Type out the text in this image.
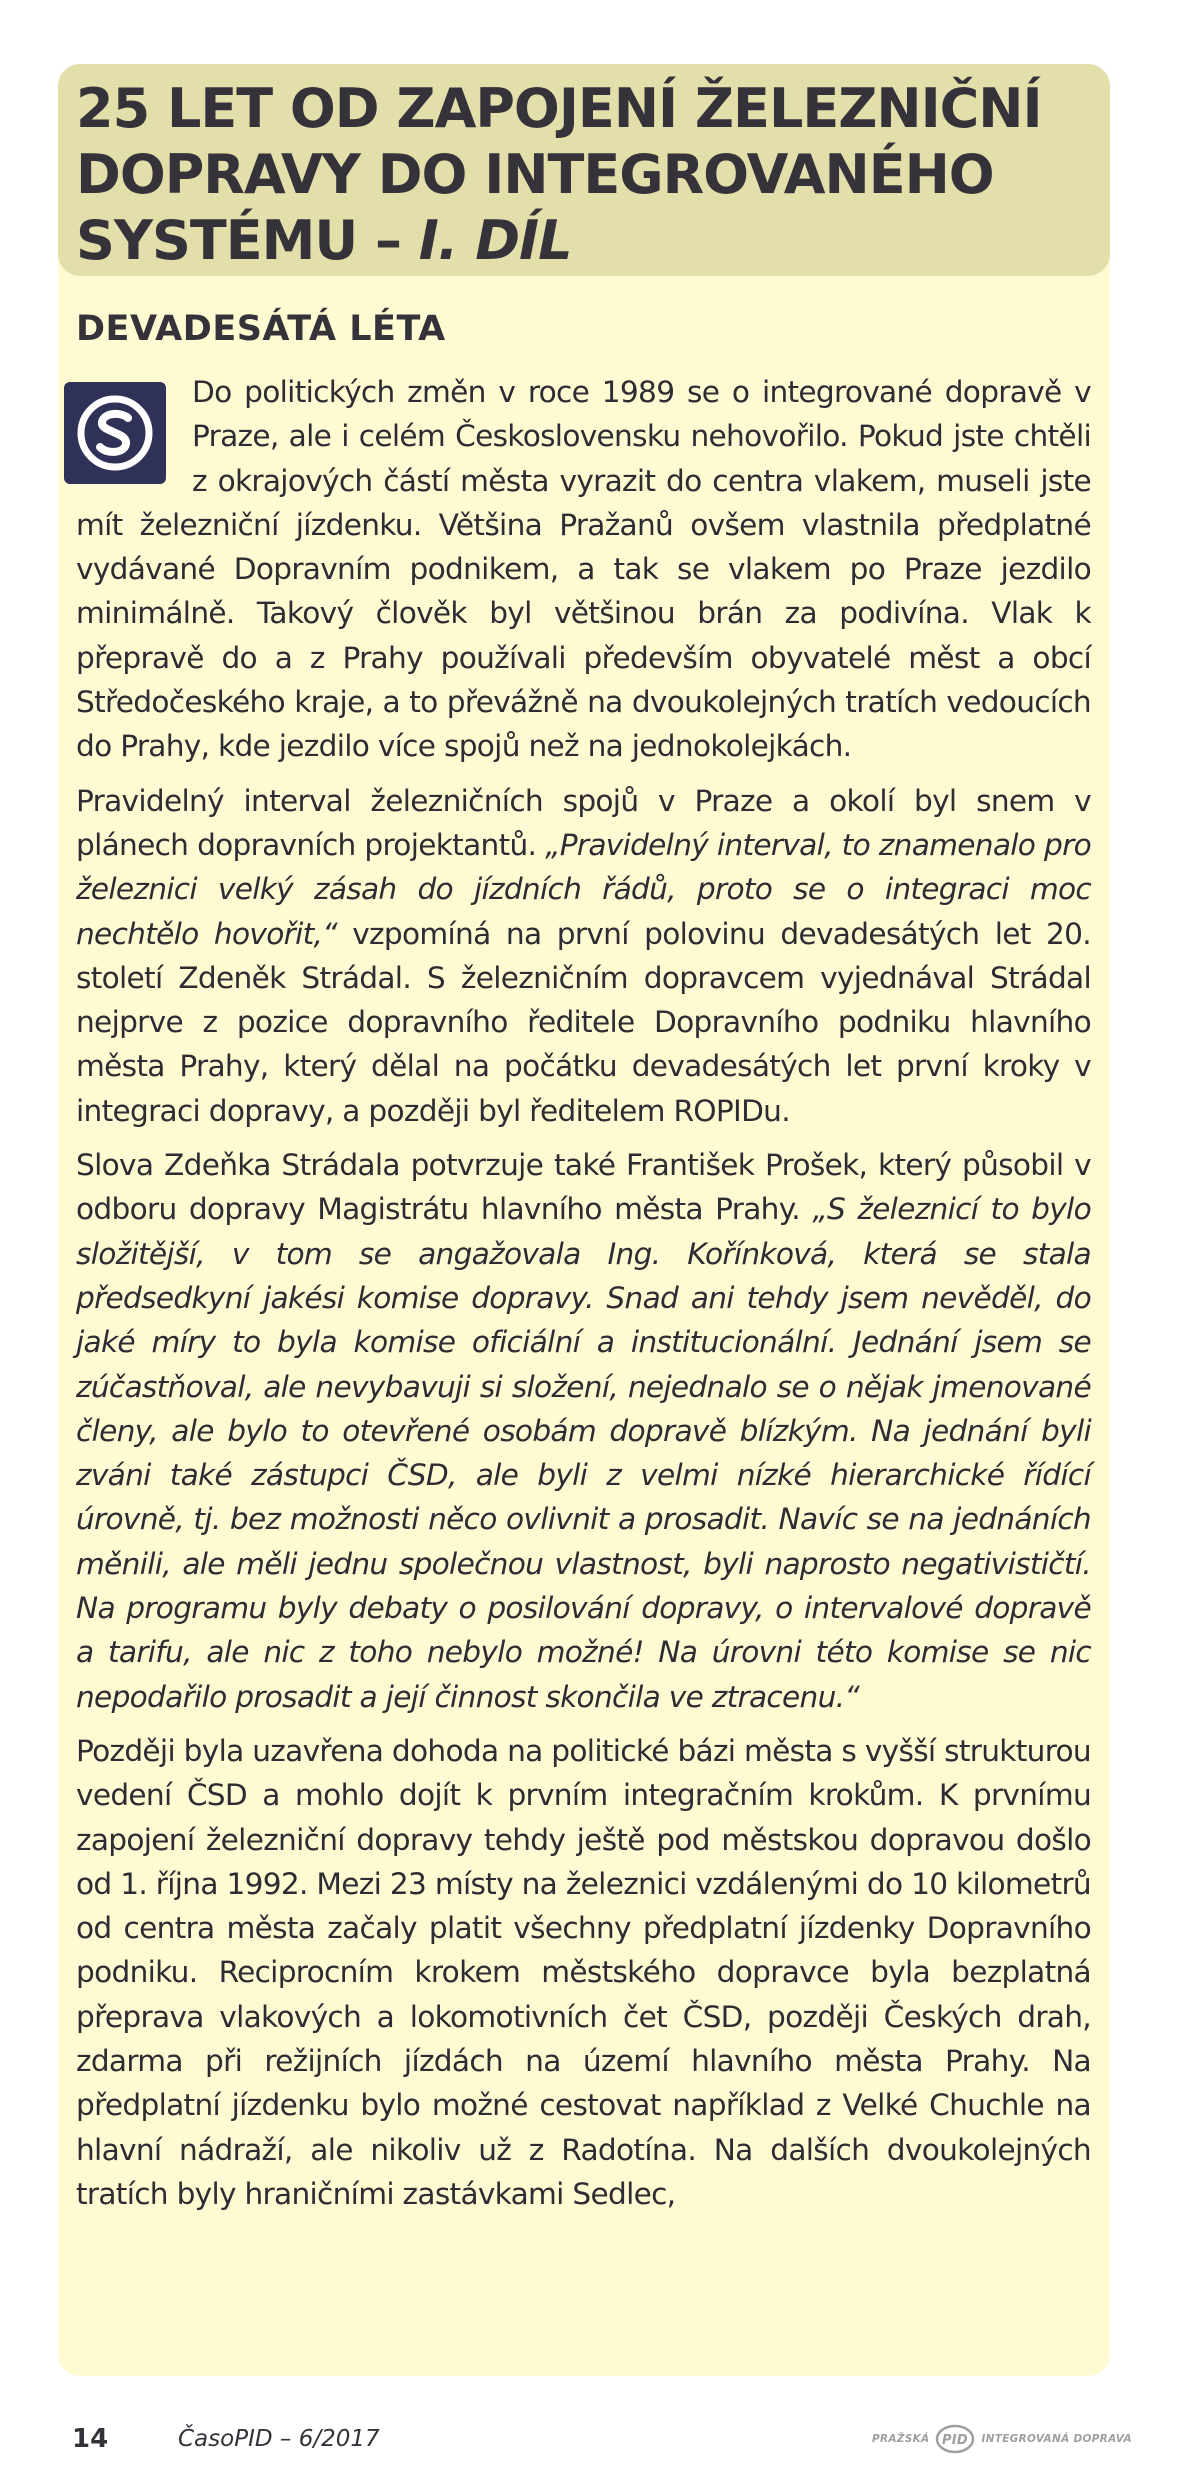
25 LET OD ZAPOJENÍ ŽELEZNIČNÍ
DOPRAVY DO INTEGROVANÉHO
SYSTÉMU – I. DÍL
DEVADESÁTÁ LÉTA

Do politických změn v roce 1989 se o integrované dopravě v Praze, ale i celém Československu nehovořilo. Pokud jste chtěli z okrajových částí města vyrazit do centra vlakem, museli jste mít železniční jízdenku. Většina Pražanů ovšem vlastnila předplatné vydávané Dopravním podnikem, a tak se vlakem po Praze jezdilo minimálně. Takový člověk byl většinou brán za podivína. Vlak k přepravě do a z Prahy používali především obyvatelé měst a obcí Středočeského kraje, a to převážně na dvoukolejných tratích vedoucích do Prahy, kde jezdilo více spojů než na jednokolejkách.

Pravidelný interval železničních spojů v Praze a okolí byl snem v plánech dopravních projektantů. „Pravidelný interval, to znamenalo pro železnici velký zásah do jízdních řádů, proto se o integraci moc nechtělo hovořit,“ vzpomíná na první polovinu devadesátých let 20. století Zdeněk Strádal. S železničním dopravcem vyjednával Strádal nejprve z pozice dopravního ředitele Dopravního podniku hlavního města Prahy, který dělal na počátku devadesátých let první kroky v integraci dopravy, a později byl ředitelem ROPIDu.

Slova Zdeňka Strádala potvrzuje také František Prošek, který působil v odboru dopravy Magistrátu hlavního města Prahy. „S železnicí to bylo složitější, v tom se angažovala Ing. Kořínková, která se stala předsedkyní jakési komise dopravy. Snad ani tehdy jsem nevěděl, do jaké míry to byla komise oficiální a institucionální. Jednání jsem se zúčastňoval, ale nevybavuji si složení, nejednalo se o nějak jmenované členy, ale bylo to otevřené osobám dopravě blízkým. Na jednání byli zváni také zástupci ČSD, ale byli z velmi nízké hierarchické řídící úrovně, tj. bez možnosti něco ovlivnit a prosadit. Navíc se na jednáních měnili, ale měli jednu společnou vlastnost, byli naprosto negativističtí. Na programu byly debaty o posilování dopravy, o intervalové dopravě a tarifu, ale nic z toho nebylo možné! Na úrovni této komise se nic nepodařilo prosadit a její činnost skončila ve ztracenu.“

Později byla uzavřena dohoda na politické bázi města s vyšší strukturou vedení ČSD a mohlo dojít k prvním integračním krokům. K prvnímu zapojení železniční dopravy tehdy ještě pod městskou dopravou došlo od 1. října 1992. Mezi 23 místy na železnici vzdálenými do 10 kilometrů od centra města začaly platit všechny předplatní jízdenky Dopravního podniku. Reciprocním krokem městského dopravce byla bezplatná přeprava vlakových a lokomotivních čet ČSD, později Českých drah, zdarma při režijních jízdách na území hlavního města Prahy. Na předplatní jízdenku bylo možné cestovat například z Velké Chuchle na hlavní nádraží, ale nikoliv už z Radotína. Na dalších dvoukolejných tratích byly hraničními zastávkami Sedlec,

14	ČasoPID – 6/2017	PRAŽSKÁ PID INTEGROVANÁ DOPRAVA
